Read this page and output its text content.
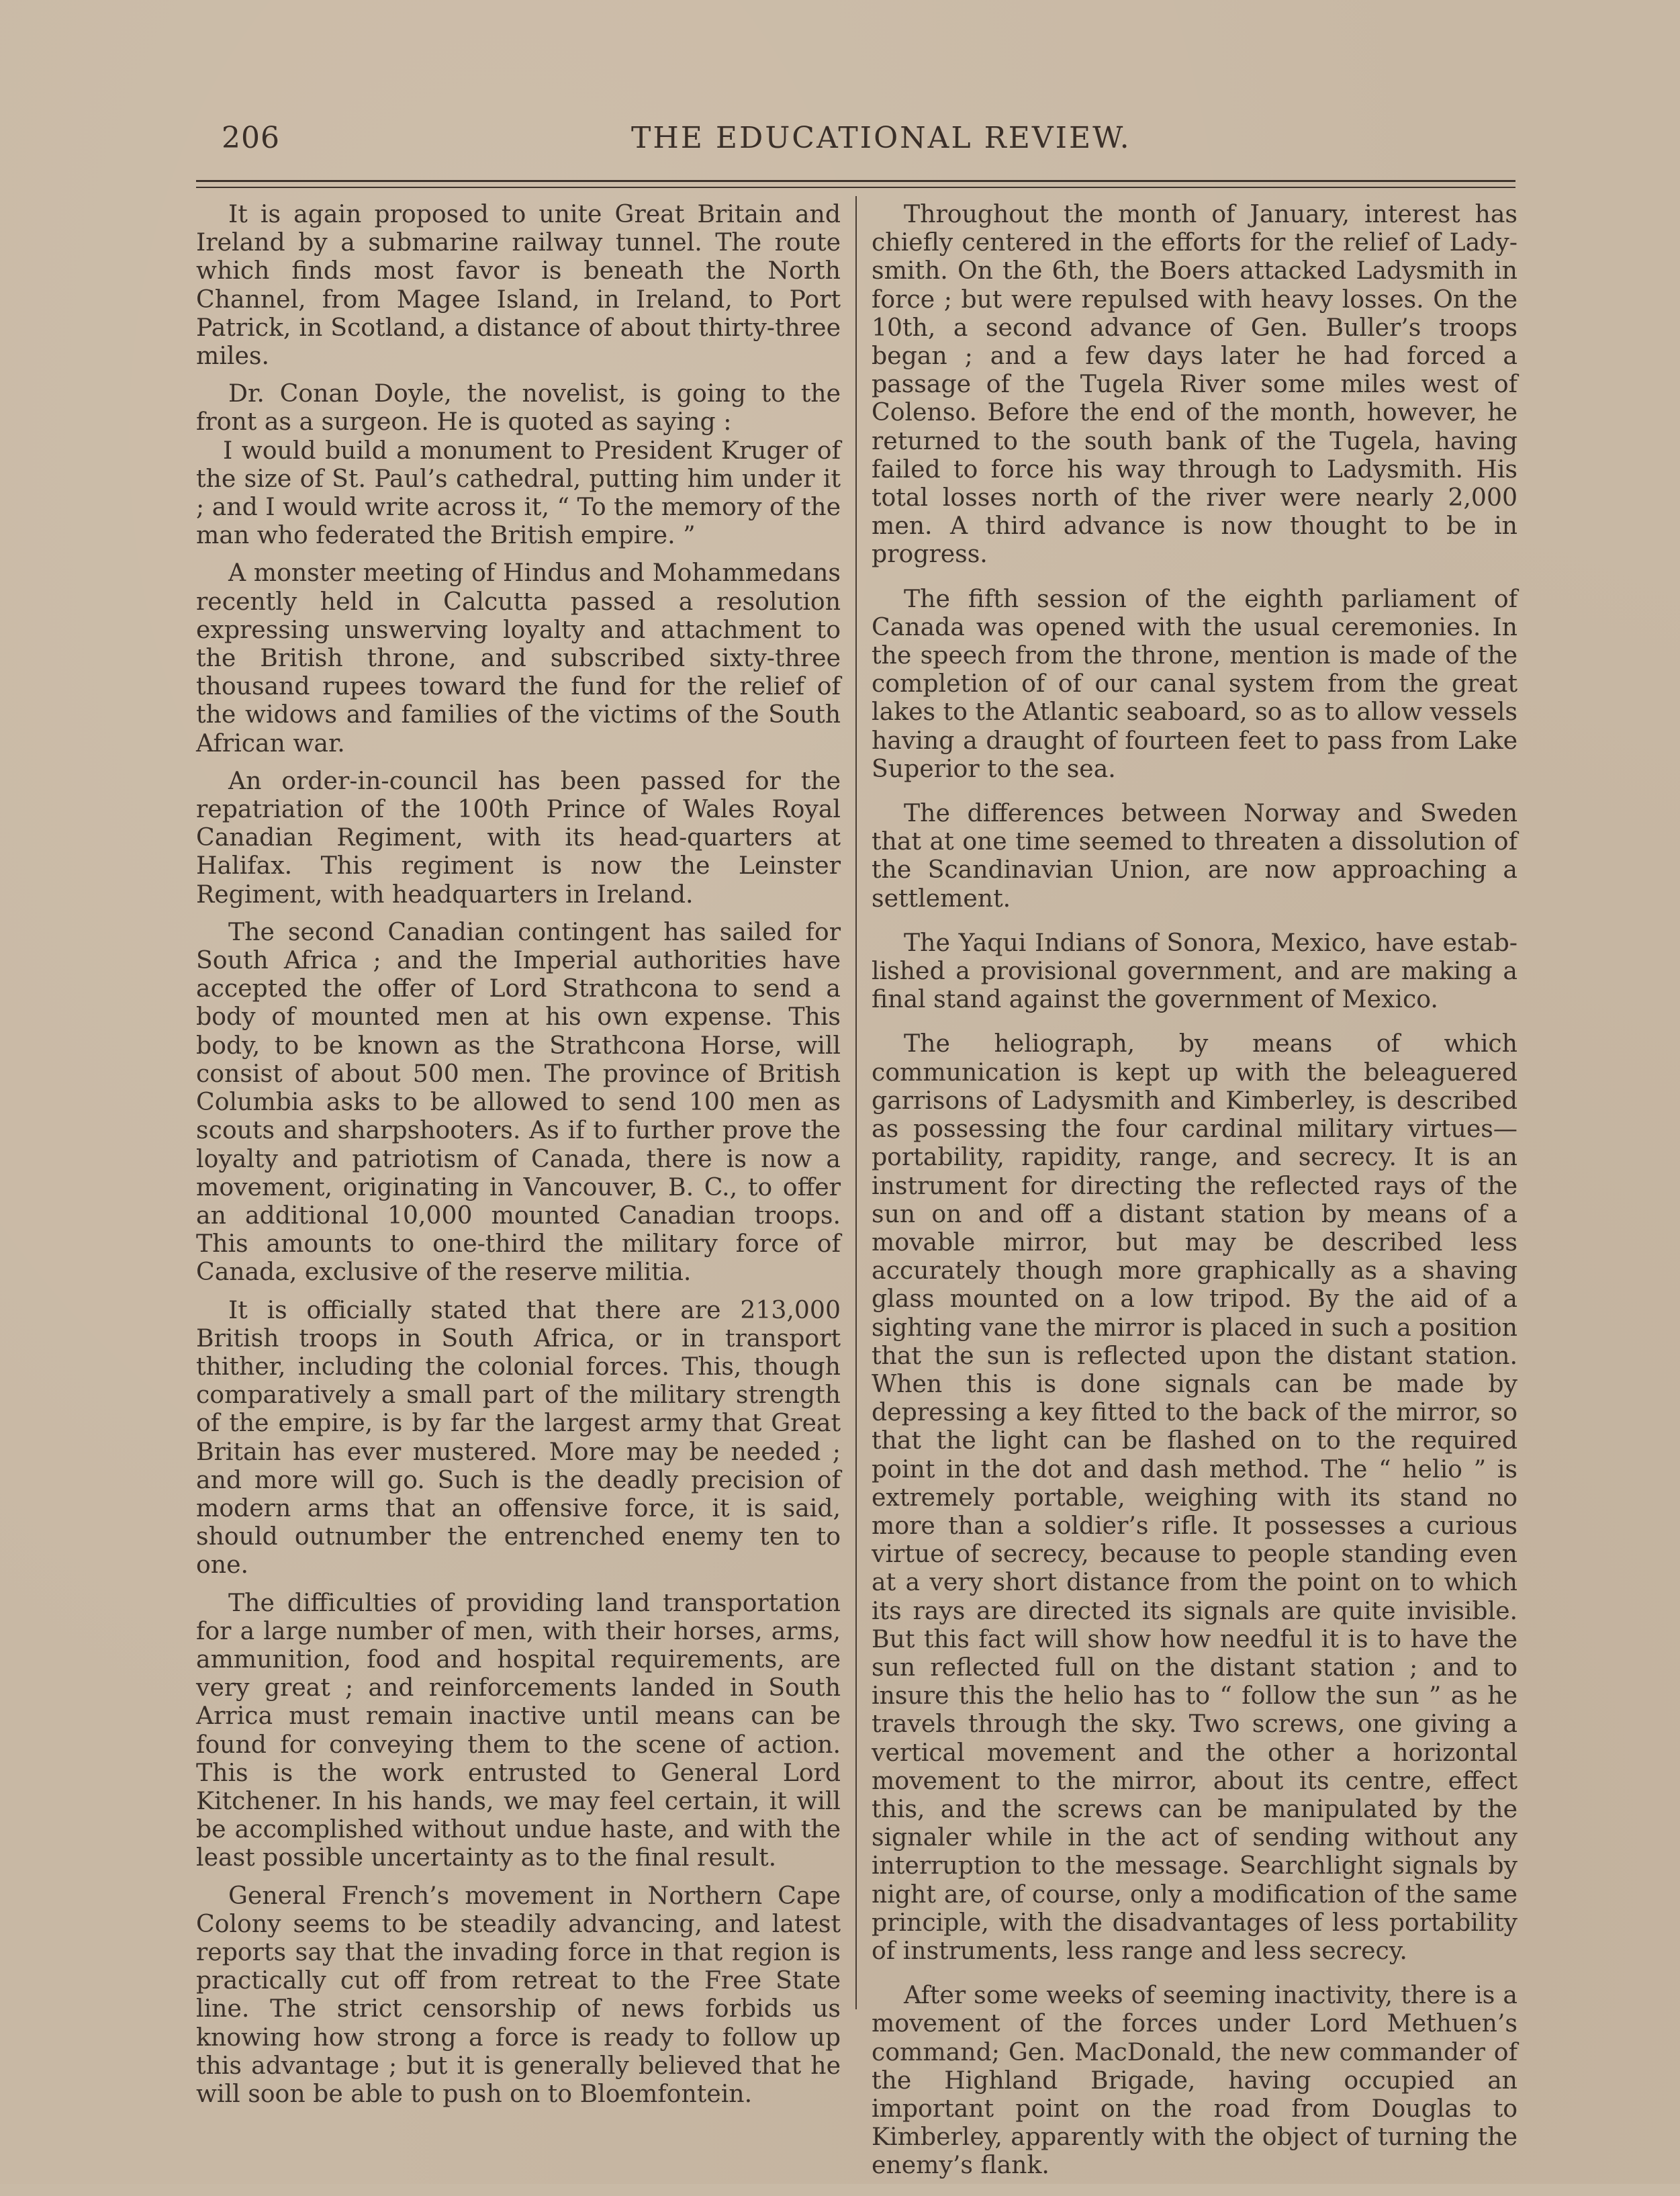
206	THE EDUCATIONAL REVIEW.

It is again proposed to unite Great Britain and Ireland by a submarine railway tunnel. The route which finds most favor is beneath the North Channel, from Magee Island, in Ireland, to Port Patrick, in Scotland, a distance of about thirty-three miles.

Dr. Conan Doyle, the novelist, is going to the front as a surgeon. He is quoted as saying :

I would build a monument to President Kruger of the size of St. Paul’s cathedral, putting him under it ; and I would write across it, “ To the memory of the man who federated the British empire. ”

A monster meeting of Hindus and Mohammedans recently held in Calcutta passed a resolution expressing unswerving loyalty and attachment to the British throne, and subscribed sixty-three thousand rupees toward the fund for the relief of the widows and families of the victims of the South African war.

An order-in-council has been passed for the repatriation of the 100th Prince of Wales Royal Canadian Regiment, with its head-quarters at Halifax. This regiment is now the Leinster Regiment, with headquarters in Ireland.

The second Canadian contingent has sailed for South Africa ; and the Imperial authorities have accepted the offer of Lord Strathcona to send a body of mounted men at his own expense. This body, to be known as the Strathcona Horse, will consist of about 500 men. The province of British Columbia asks to be allowed to send 100 men as scouts and sharpshooters. As if to further prove the loyalty and patriotism of Canada, there is now a movement, originating in Vancouver, B. C., to offer an additional 10,000 mounted Canadian troops. This amounts to one-third the military force of Canada, exclusive of the reserve militia.

It is officially stated that there are 213,000 British troops in South Africa, or in transport thither, including the colonial forces. This, though comparatively a small part of the military strength of the empire, is by far the largest army that Great Britain has ever mustered. More may be needed ; and more will go. Such is the deadly precision of modern arms that an offensive force, it is said, should outnumber the entrenched enemy ten to one.

The difficulties of providing land transportation for a large number of men, with their horses, arms, ammunition, food and hospital requirements, are very great ; and reinforcements landed in South Arrica must remain inactive until means can be found for conveying them to the scene of action. This is the work entrusted to General Lord Kitchener. In his hands, we may feel certain, it will be accomplished without undue haste, and with the least possible uncertainty as to the final result.

General French’s movement in Northern Cape Colony seems to be steadily advancing, and latest reports say that the invading force in that region is practically cut off from retreat to the Free State line. The strict censorship of news forbids us knowing how strong a force is ready to follow up this advantage ; but it is generally believed that he will soon be able to push on to Bloemfontein.

Throughout the month of January, interest has chiefly centered in the efforts for the relief of Ladysmith. On the 6th, the Boers attacked Ladysmith in force ; but were repulsed with heavy losses. On the 10th, a second advance of Gen. Buller’s troops began ; and a few days later he had forced a passage of the Tugela River some miles west of Colenso. Before the end of the month, however, he returned to the south bank of the Tugela, having failed to force his way through to Ladysmith. His total losses north of the river were nearly 2,000 men. A third advance is now thought to be in progress.

The fifth session of the eighth parliament of Canada was opened with the usual ceremonies. In the speech from the throne, mention is made of the completion of of our canal system from the great lakes to the Atlantic seaboard, so as to allow vessels having a draught of fourteen feet to pass from Lake Superior to the sea.

The differences between Norway and Sweden that at one time seemed to threaten a dissolution of the Scandinavian Union, are now approaching a settlement.

The Yaqui Indians of Sonora, Mexico, have established a provisional government, and are making a final stand against the government of Mexico.

The heliograph, by means of which communication is kept up with the beleaguered garrisons of Ladysmith and Kimberley, is described as possessing the four cardinal military virtues—portability, rapidity, range, and secrecy. It is an instrument for directing the reflected rays of the sun on and off a distant station by means of a movable mirror, but may be described less accurately though more graphically as a shaving glass mounted on a low tripod. By the aid of a sighting vane the mirror is placed in such a position that the sun is reflected upon the distant station. When this is done signals can be made by depressing a key fitted to the back of the mirror, so that the light can be flashed on to the required point in the dot and dash method. The “ helio ” is extremely portable, weighing with its stand no more than a soldier’s rifle. It possesses a curious virtue of secrecy, because to people standing even at a very short distance from the point on to which its rays are directed its signals are quite invisible. But this fact will show how needful it is to have the sun reflected full on the distant station ; and to insure this the helio has to “ follow the sun ” as he travels through the sky. Two screws, one giving a vertical movement and the other a horizontal movement to the mirror, about its centre, effect this, and the screws can be manipulated by the signaler while in the act of sending without any interruption to the message. Searchlight signals by night are, of course, only a modification of the same principle, with the disadvantages of less portability of instruments, less range and less secrecy.

After some weeks of seeming inactivity, there is a movement of the forces under Lord Methuen’s command; Gen. MacDonald, the new commander of the Highland Brigade, having occupied an important point on the road from Douglas to Kimberley, apparently with the object of turning the enemy’s flank.
